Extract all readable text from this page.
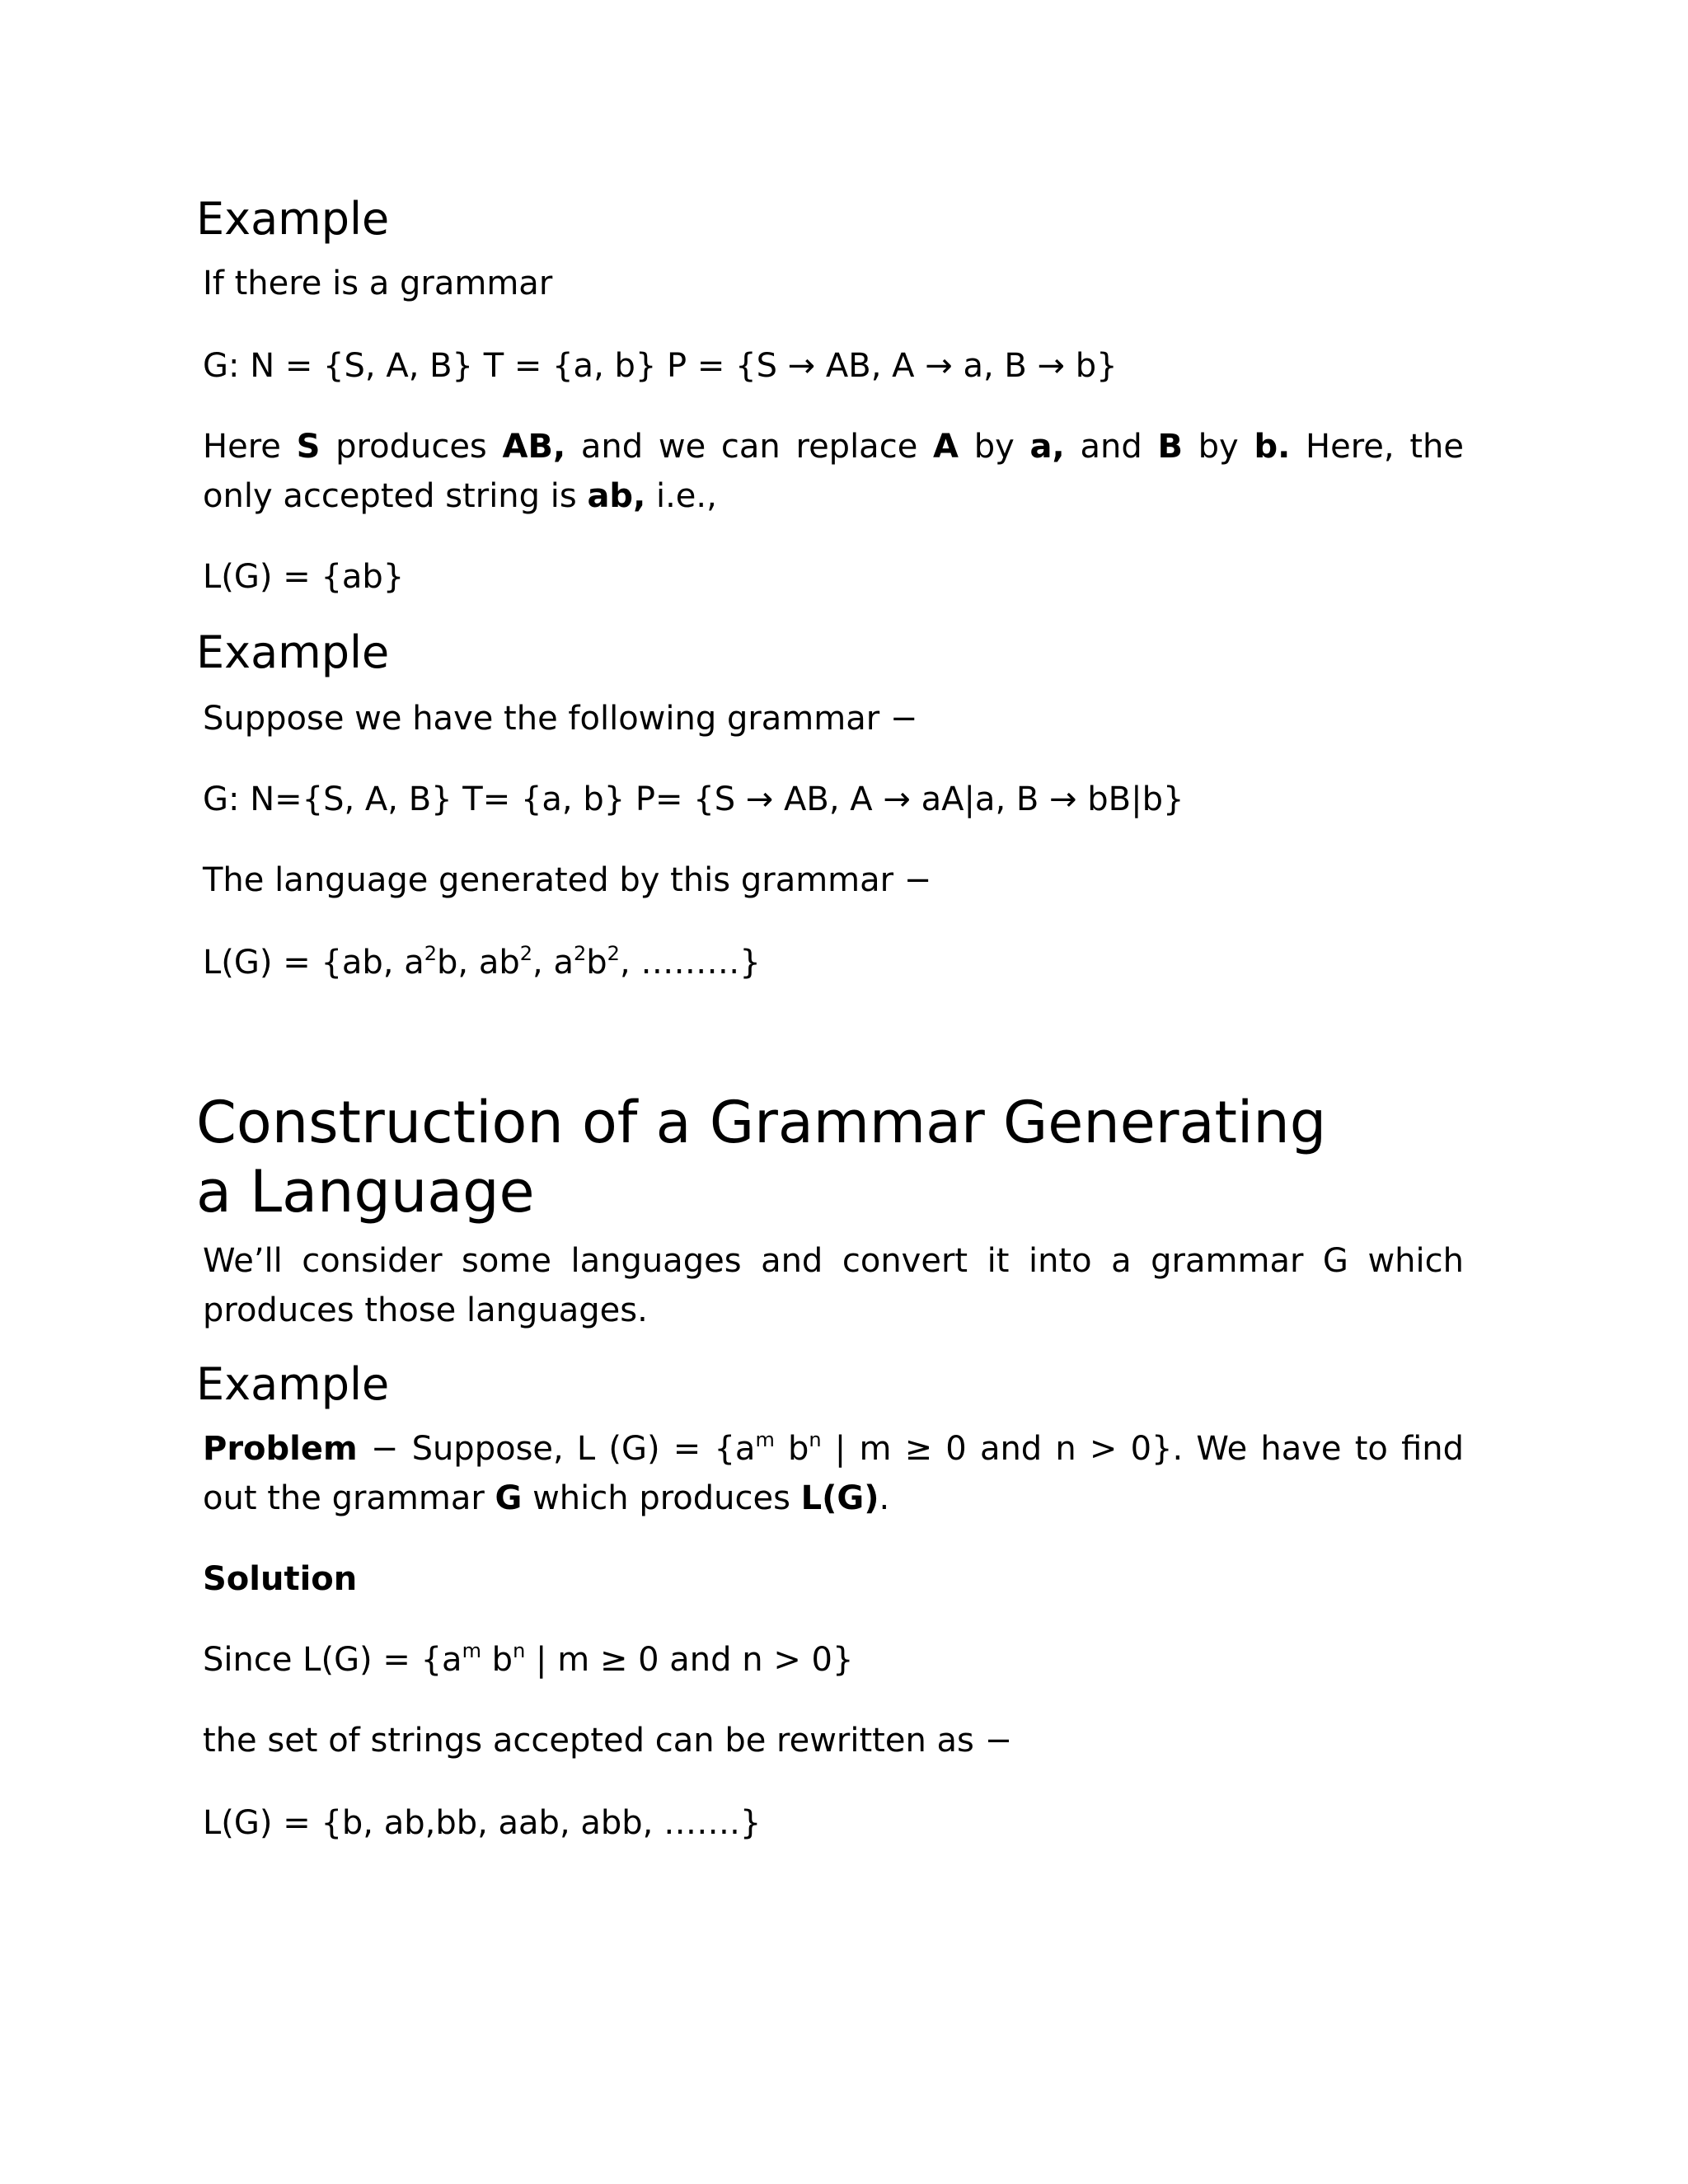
Example

If there is a grammar

G: N = {S, A, B} T = {a, b} P = {S → AB, A → a, B → b}

Here S produces AB, and we can replace A by a, and B by b. Here, the only accepted string is ab, i.e.,

L(G) = {ab}

Example

Suppose we have the following grammar −

G: N={S, A, B} T= {a, b} P= {S → AB, A → aA|a, B → bB|b}

The language generated by this grammar −

L(G) = {ab, $a^2b$, $ab^2$, $a^2b^2$, ………}

Construction of a Grammar Generating a Language

We’ll consider some languages and convert it into a grammar G which produces those languages.

Example

Problem − Suppose, L $(G) = \{a^m$ $b^n$ | m ≥ 0 and n > 0}. We have to find out the grammar G which produces L(G).

Solution

Since $L(G) = \{a^m$ $b^n$ | m ≥ 0 and n > 0}

the set of strings accepted can be rewritten as −

L(G) = {b, ab,bb, aab, abb, …….}
